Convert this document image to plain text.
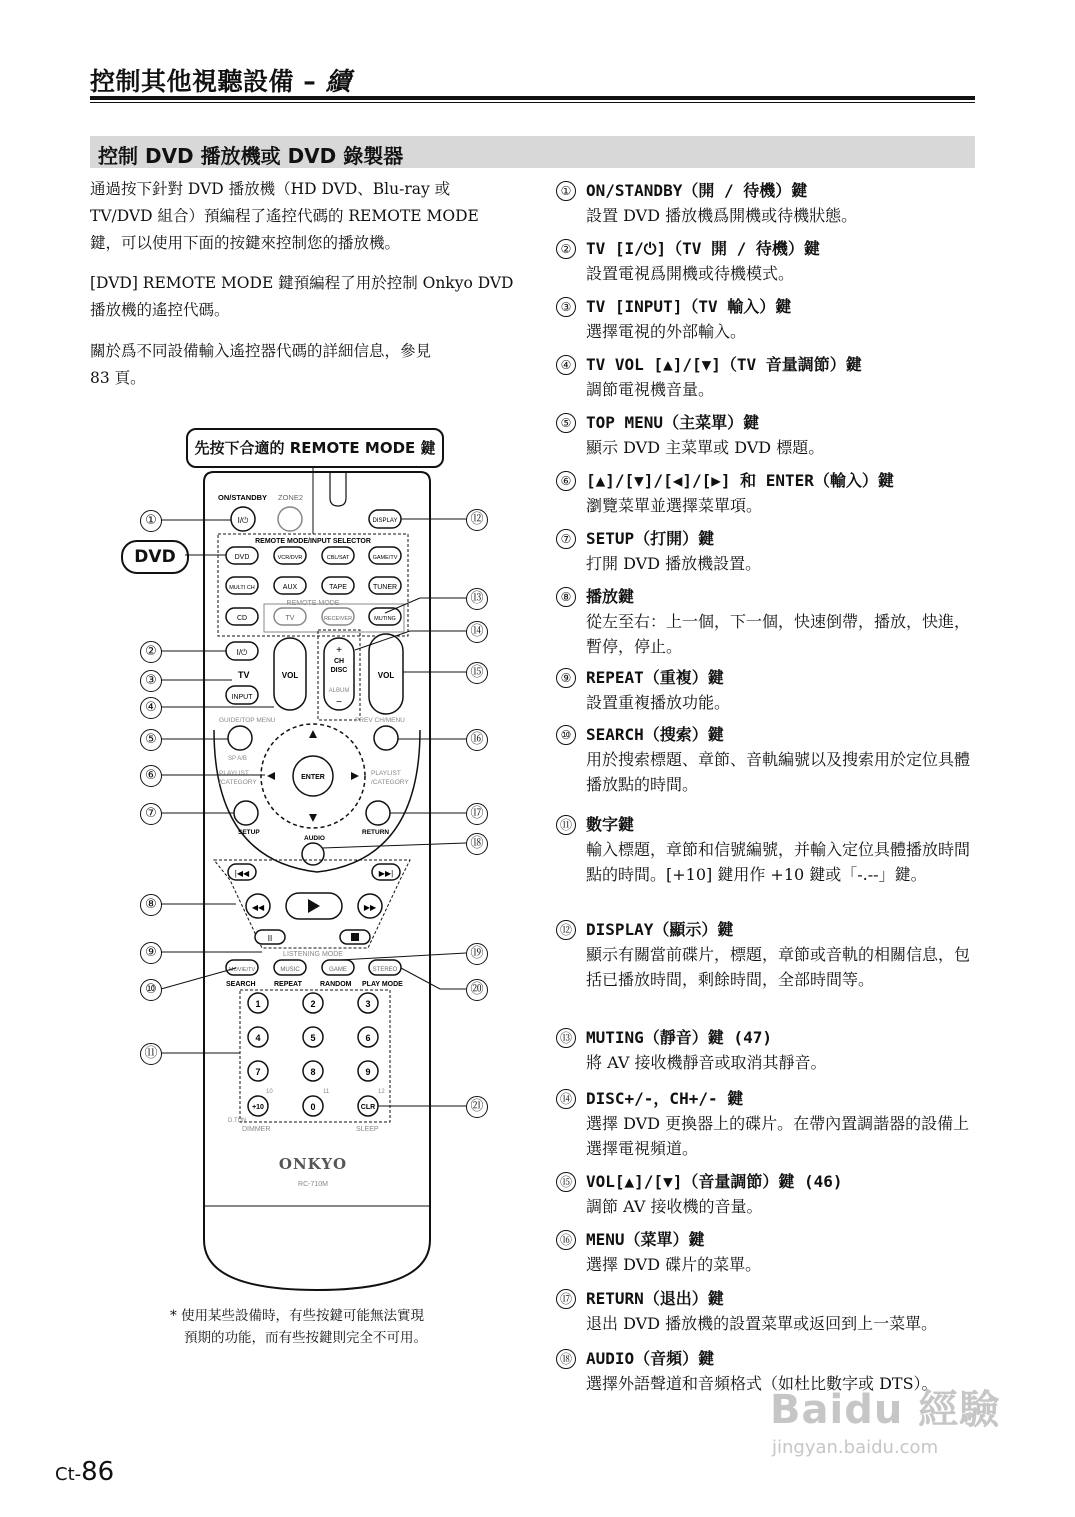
控制其他視聽設備 – 續
控制 DVD 播放機或 DVD 錄製器
通過按下針對 DVD 播放機（HD DVD、Blu-ray 或
TV/DVD 組合）預編程了遙控代碼的 REMOTE MODE
鍵，可以使用下面的按鍵來控制您的播放機。
[DVD] REMOTE MODE 鍵預編程了用於控制 Onkyo DVD
播放機的遙控代碼。
關於爲不同設備輸入遙控器代碼的詳細信息，參見
83 頁。
ON/STANDBY ZONE2
I/⏻	DISPLAY
REMOTE MODE/INPUT SELECTOR
DVD	VCR/DVR	CBL/SAT	GAME/TV
MULTI CH	AUX	TAPE	TUNER
REMOTE MODE
CD	TV	RECEIVER	MUTING
I/⏻
TV
INPUT
VOL
+
CH
DISC
ALBUM
−
VOL
GUIDE/TOP MENU	PREV CH/MENU
SP A/B
ENTER
PLAYLIST
/CATEGORY
PLAYLIST
/CATEGORY
SETUP	RETURN
AUDIO
|◀◀	▶▶|
◀◀	▶▶
II
LISTENING MODE
MOVIE/TV	MUSIC	GAME	STEREO
SEARCH	REPEAT	RANDOM PLAY MODE
1	2	3
4	5	6
7	8	9
10	11	12
+10	0	CLR
D.TUN
DIMMER	SLEEP
ONKYO
RC-710M
先按下合適的 REMOTE MODE 鍵
DVD
①
②
③
④
⑤
⑥
⑦
⑧
⑨
⑩
⑪
⑫
⑬
⑭
⑮
⑯
⑰
⑱
⑲
⑳
㉑
* 使用某些設備時，有些按鍵可能無法實現
預期的功能，而有些按鍵則完全不可用。
① ON/STANDBY（開 / 待機）鍵
設置 DVD 播放機爲開機或待機狀態。
② TV [I/⏻]（TV 開 / 待機）鍵
設置電視爲開機或待機模式。
③ TV [INPUT]（TV 輸入）鍵
選擇電視的外部輸入。
④ TV VOL [▲]/[▼]（TV 音量調節）鍵
調節電視機音量。
⑤ TOP MENU（主菜單）鍵
顯示 DVD 主菜單或 DVD 標題。
⑥ [▲]/[▼]/[◀]/[▶] 和 ENTER（輸入）鍵
瀏覽菜單並選擇菜單項。
⑦ SETUP（打開）鍵
打開 DVD 播放機設置。
⑧ 播放鍵
從左至右：上一個，下一個，快速倒帶，播放，快進，暫停，停止。
⑨ REPEAT（重複）鍵
設置重複播放功能。
⑩ SEARCH（搜索）鍵
用於搜索標題、章節、音軌編號以及搜索用於定位具體播放點的時間。
⑪ 數字鍵
輸入標題，章節和信號編號，并輸入定位具體播放時間點的時間。[+10] 鍵用作 +10 鍵或「-.--」鍵。
⑫ DISPLAY（顯示）鍵
顯示有關當前碟片，標題，章節或音軌的相關信息，包括已播放時間，剩餘時間，全部時間等。
⑬ MUTING（靜音）鍵 (47)
將 AV 接收機靜音或取消其靜音。
⑭ DISC+/-，CH+/- 鍵
選擇 DVD 更換器上的碟片。在帶內置調諧器的設備上選擇電視頻道。
⑮ VOL[▲]/[▼]（音量調節）鍵 (46)
調節 AV 接收機的音量。
⑯ MENU（菜單）鍵
選擇 DVD 碟片的菜單。
⑰ RETURN（退出）鍵
退出 DVD 播放機的設置菜單或返回到上一菜單。
⑱ AUDIO（音頻）鍵
選擇外語聲道和音頻格式（如杜比數字或 DTS）。
Baidu 經驗
jingyan.baidu.com
Ct-86
